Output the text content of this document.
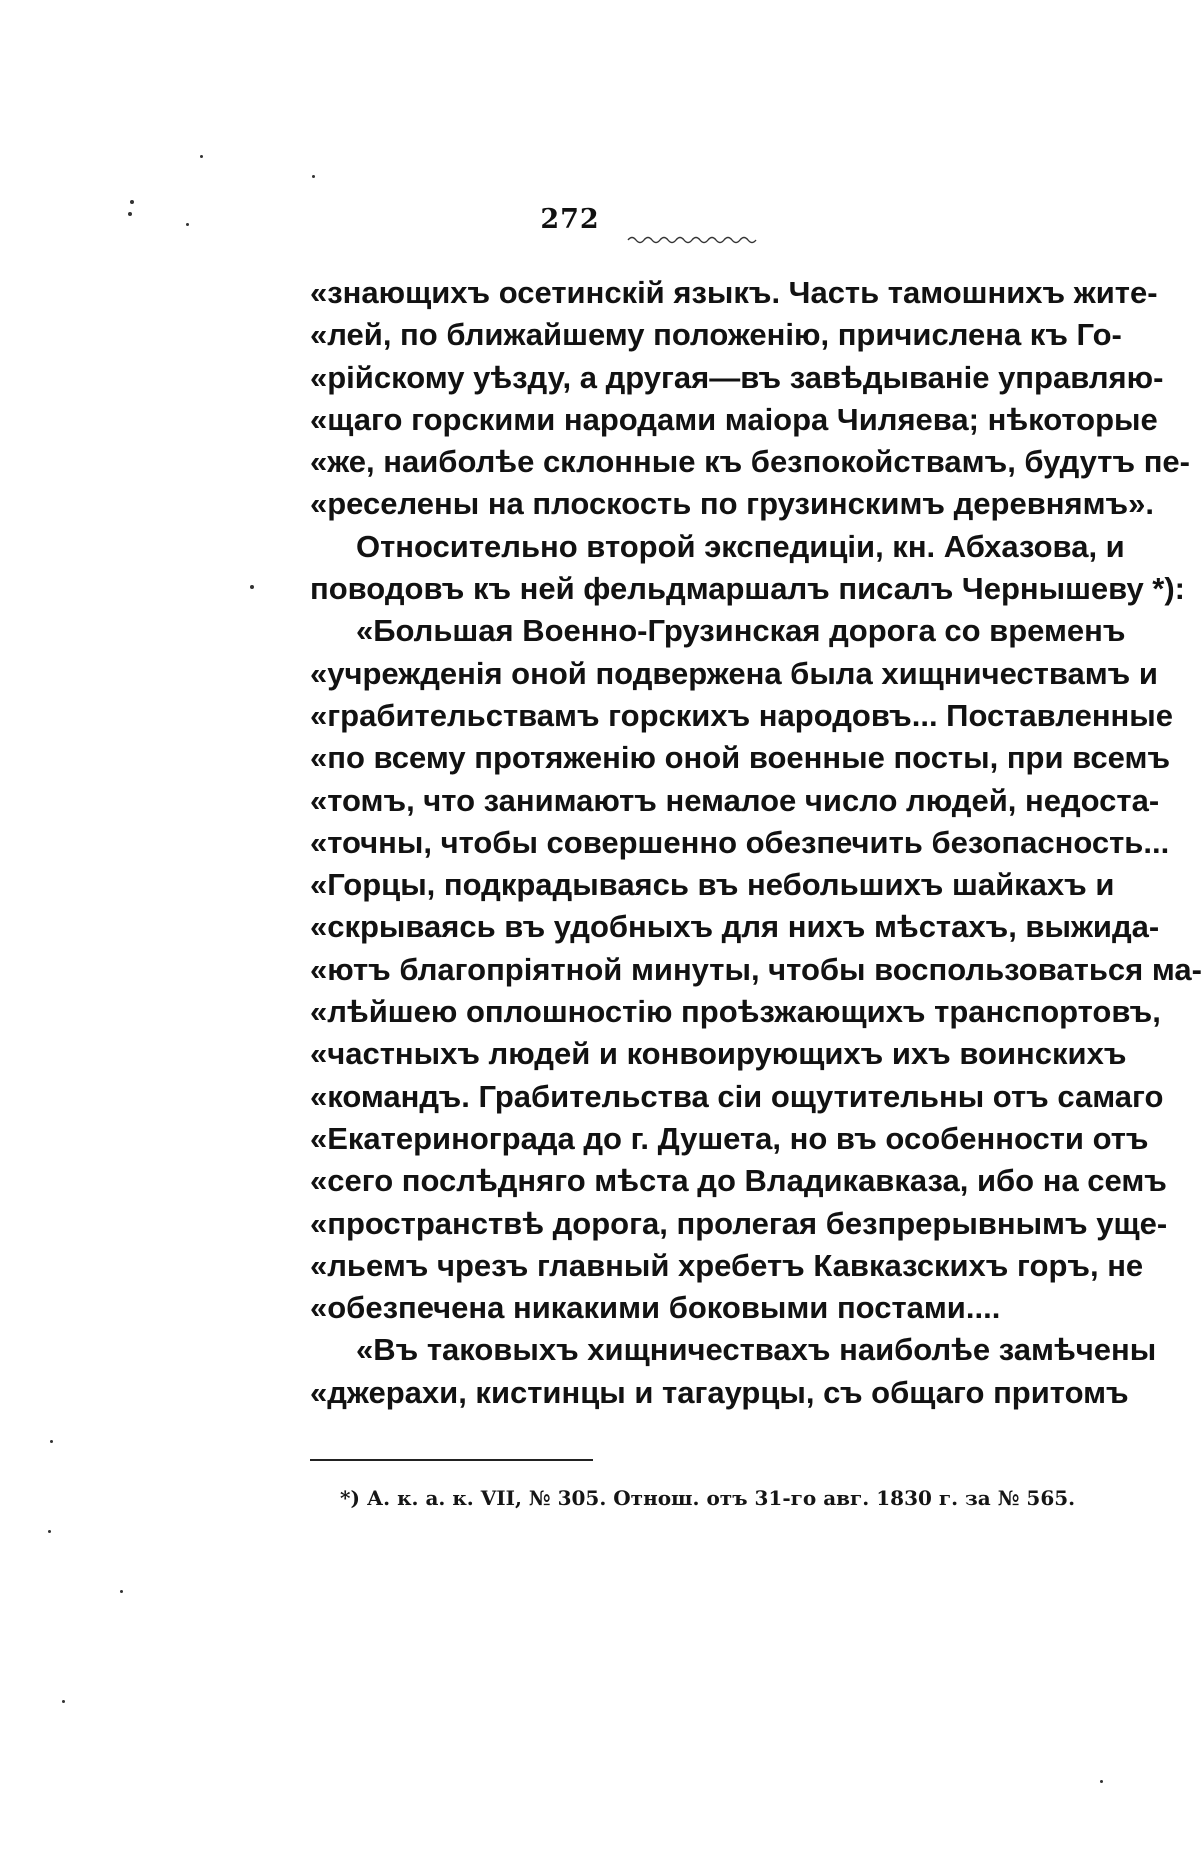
272
«знающихъ осетинскій языкъ. Часть тамошнихъ жите-
«лей, по ближайшему положенію, причислена къ Го-
«рійскому уѣзду, а другая—въ завѣдываніе управляю-
«щаго горскими народами маіора Чиляева; нѣкоторые
«же, наиболѣе склонные къ безпокойствамъ, будутъ пе-
«реселены на плоскость по грузинскимъ деревнямъ».
Относительно второй экспедиціи, кн. Абхазова, и
поводовъ къ ней фельдмаршалъ писалъ Чернышеву *):
«Большая Военно-Грузинская дорога со временъ
«учрежденія оной подвержена была хищничествамъ и
«грабительствамъ горскихъ народовъ... Поставленные
«по всему протяженію оной военные посты, при всемъ
«томъ, что занимаютъ немалое число людей, недоста-
«точны, чтобы совершенно обезпечить безопасность...
«Горцы, подкрадываясь въ небольшихъ шайкахъ и
«скрываясь въ удобныхъ для нихъ мѣстахъ, выжида-
«ютъ благопріятной минуты, чтобы воспользоваться ма-
«лѣйшею оплошностію проѣзжающихъ транспортовъ,
«частныхъ людей и конвоирующихъ ихъ воинскихъ
«командъ. Грабительства сіи ощутительны отъ самаго
«Екатеринограда до г. Душета, но въ особенности отъ
«сего послѣдняго мѣста до Владикавказа, ибо на семъ
«пространствѣ дорога, пролегая безпрерывнымъ уще-
«льемъ чрезъ главный хребетъ Кавказскихъ горъ, не
«обезпечена никакими боковыми постами....
«Въ таковыхъ хищничествахъ наиболѣе замѣчены
«джерахи, кистинцы и тагаурцы, съ общаго притомъ
*) А. к. а. к. VII, № 305. Отнош. отъ 31-го авг. 1830 г. за № 565.
